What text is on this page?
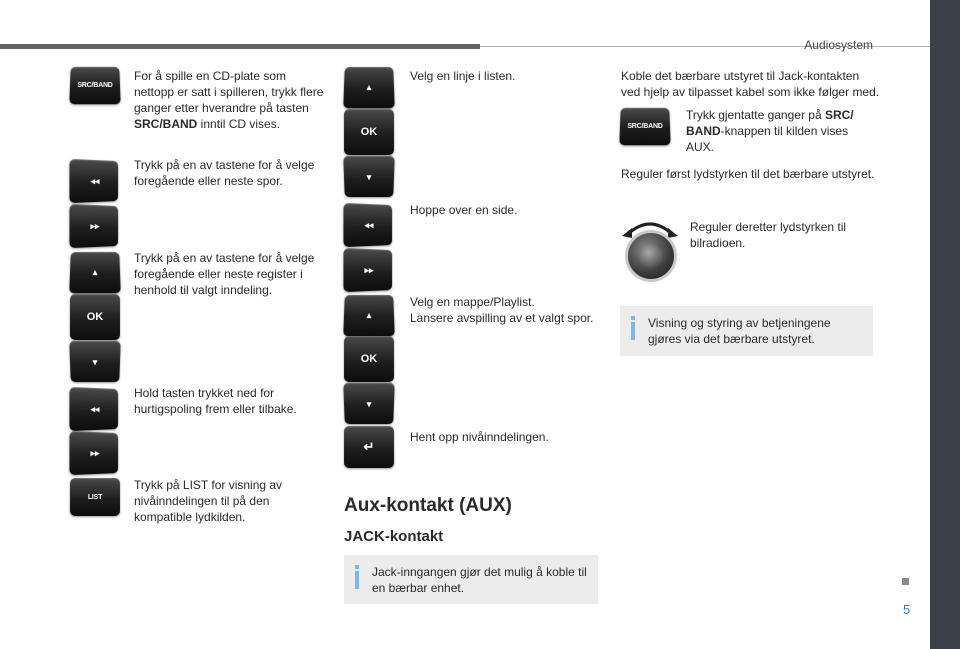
Audiosystem
SRC/BAND
For å spille en CD-plate som nettopp er satt i spilleren, trykk flere ganger etter hverandre på tasten SRC/BAND inntil CD vises.
◂◂
▸▸
Trykk på en av tastene for å velge foregående eller neste spor.
▴
OK
▾
Trykk på en av tastene for å velge foregående eller neste register i henhold til valgt inndeling.
◂◂
▸▸
Hold tasten trykket ned for hurtigspoling frem eller tilbake.
LIST
Trykk på LIST for visning av nivåinndelingen til på den kompatible lydkilden.
▴
OK
▾
Velg en linje i listen.
◂◂
▸▸
Hoppe over en side.
▴
OK
▾
Velg en mappe/Playlist.
Lansere avspilling av et valgt spor.
↵
Hent opp nivåinndelingen.
Aux-kontakt (AUX)
JACK-kontakt
Jack-inngangen gjør det mulig å koble til en bærbar enhet.
Koble det bærbare utstyret til Jack-kontakten ved hjelp av tilpasset kabel som ikke følger med.
SRC/BAND
Trykk gjentatte ganger på SRC/ BAND-knappen til kilden vises AUX.
Reguler først lydstyrken til det bærbare utstyret.
Reguler deretter lydstyrken til bilradioen.
Visning og styring av betjeningene gjøres via det bærbare utstyret.
5
